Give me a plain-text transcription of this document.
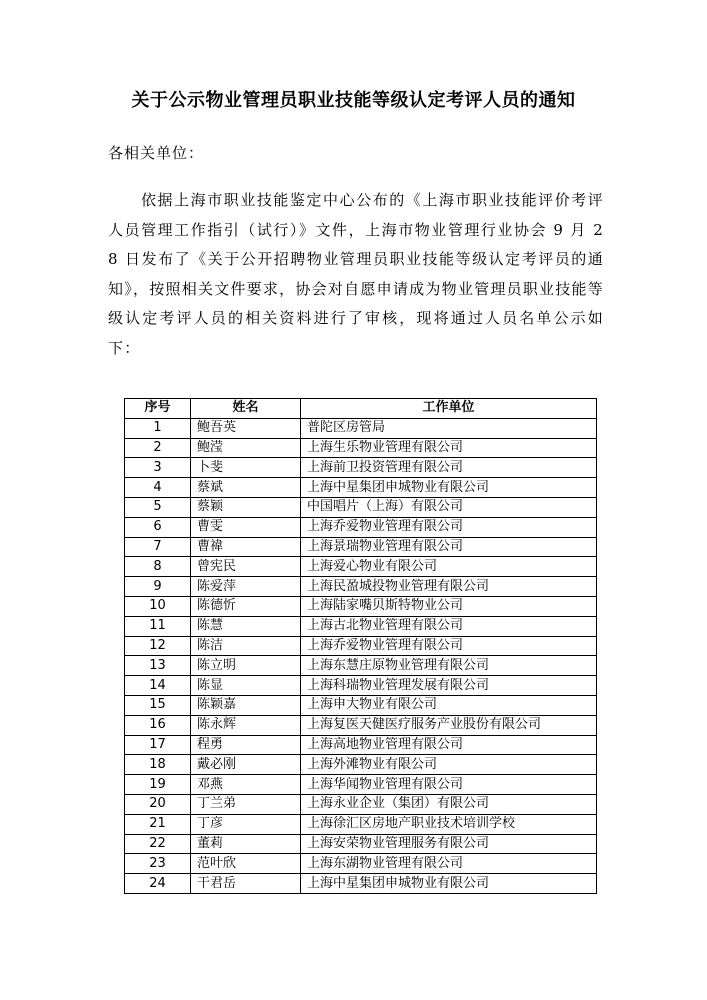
关于公示物业管理员职业技能等级认定考评人员的通知
各相关单位：
依据上海市职业技能鉴定中心公布的《上海市职业技能评价考评人员管理工作指引（试行）》文件，上海市物业管理行业协会 9 月 28 日发布了《关于公开招聘物业管理员职业技能等级认定考评员的通知》，按照相关文件要求，协会对自愿申请成为物业管理员职业技能等级认定考评人员的相关资料进行了审核，现将通过人员名单公示如下：
序号	姓名	工作单位
1	鲍吾英	普陀区房管局
2	鲍滢	上海生乐物业管理有限公司
3	卜斐	上海前卫投资管理有限公司
4	蔡斌	上海中星集团申城物业有限公司
5	蔡颖	中国唱片（上海）有限公司
6	曹雯	上海乔爱物业管理有限公司
7	曹禕	上海景瑞物业管理有限公司
8	曾宪民	上海爱心物业有限公司
9	陈爱萍	上海民盈城投物业管理有限公司
10	陈德忻	上海陆家嘴贝斯特物业公司
11	陈慧	上海古北物业管理有限公司
12	陈洁	上海乔爱物业管理有限公司
13	陈立明	上海东慧庄原物业管理有限公司
14	陈显	上海科瑞物业管理发展有限公司
15	陈颖嘉	上海申大物业有限公司
16	陈永辉	上海复医天健医疗服务产业股份有限公司
17	程勇	上海高地物业管理有限公司
18	戴必刚	上海外滩物业有限公司
19	邓燕	上海华闻物业管理有限公司
20	丁兰弟	上海永业企业（集团）有限公司
21	丁彦	上海徐汇区房地产职业技术培训学校
22	董莉	上海安荣物业管理服务有限公司
23	范叶欣	上海东湖物业管理有限公司
24	干君岳	上海中星集团申城物业有限公司
